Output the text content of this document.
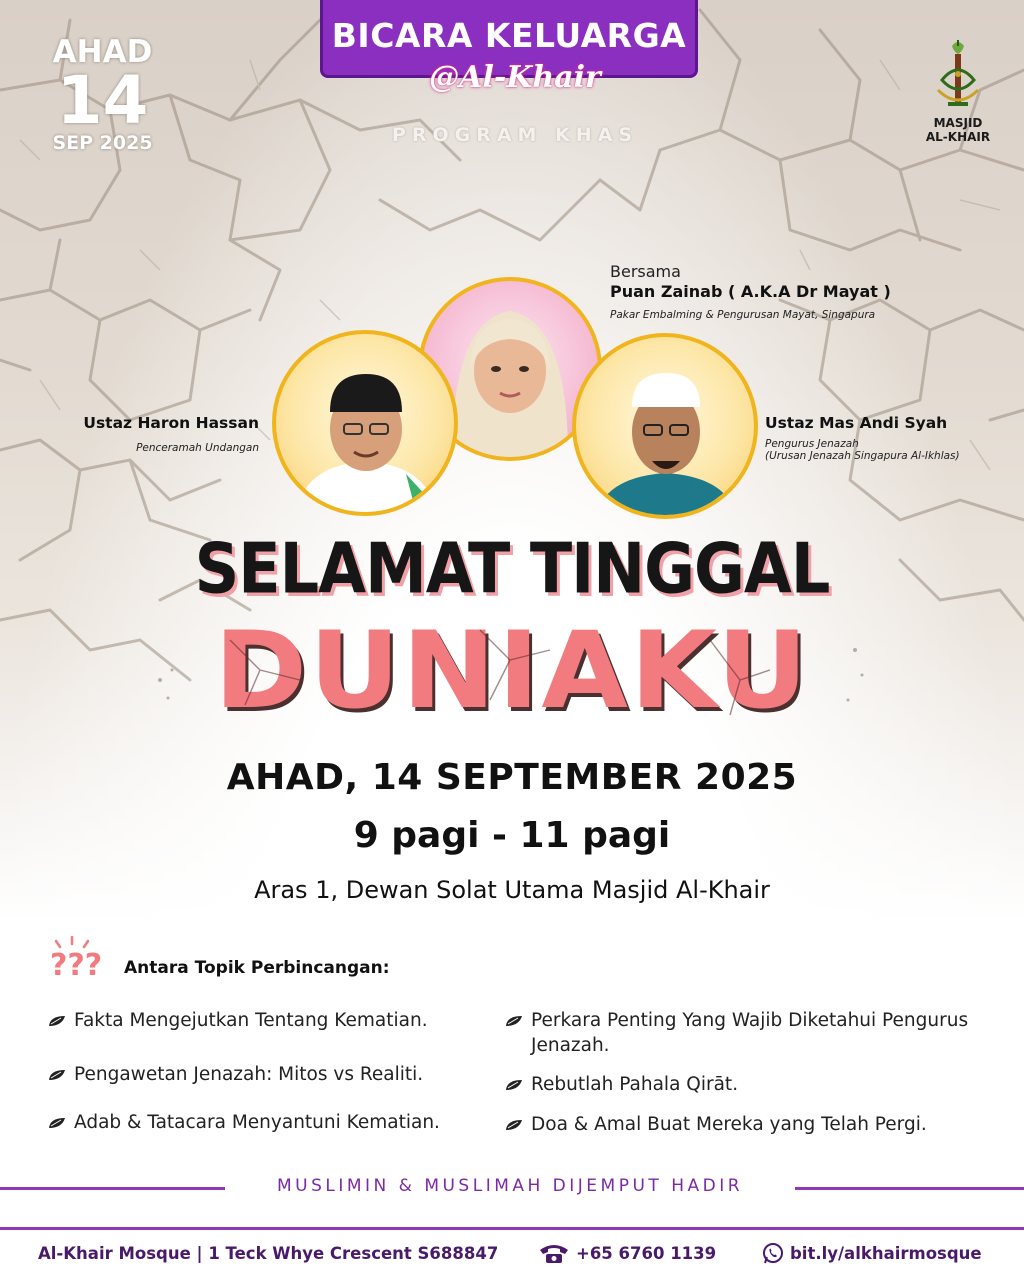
BICARA KELUARGA
@Al-Khair
PROGRAM KHAS
AHAD
14
SEP 2025
MASJID
AL-KHAIR
Bersama
Puan Zainab ( A.K.A Dr Mayat )
Pakar Embalming & Pengurusan Mayat, Singapura
Ustaz Haron Hassan
Penceramah Undangan
Ustaz Mas Andi Syah
Pengurus Jenazah
(Urusan Jenazah Singapura Al-Ikhlas)
SELAMAT TINGGAL
DUNIAKU
AHAD, 14 SEPTEMBER 2025
9 pagi - 11 pagi
Aras 1, Dewan Solat Utama Masjid Al-Khair
??? Antara Topik Perbincangan:
Fakta Mengejutkan Tentang Kematian.
Pengawetan Jenazah: Mitos vs Realiti.
Adab & Tatacara Menyantuni Kematian.
Perkara Penting Yang Wajib Diketahui Pengurus Jenazah.
Rebutlah Pahala Qirāt.
Doa & Amal Buat Mereka yang Telah Pergi.
MUSLIMIN & MUSLIMAH DIJEMPUT HADIR
Al-Khair Mosque | 1 Teck Whye Crescent S688847	+65 6760 1139	bit.ly/alkhairmosque
